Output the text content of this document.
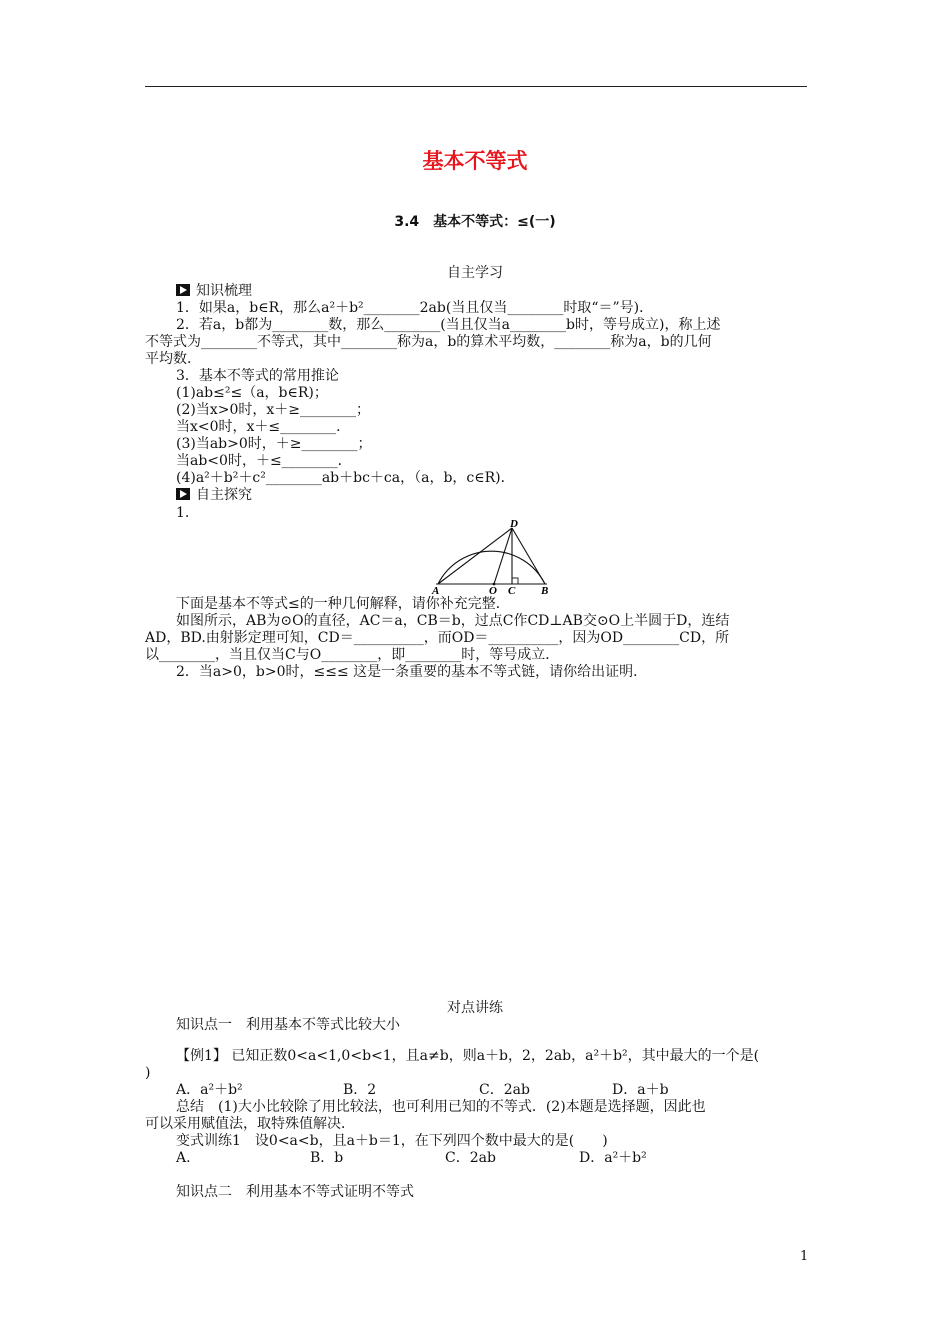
基本不等式
3.4　基本不等式：≤(一)
自主学习
知识梳理
1．如果a，b∈R，那么a²＋b²________2ab(当且仅当________时取“＝”号)．
2．若a，b都为________数，那么________(当且仅当a________b时，等号成立)，称上述
不等式为________不等式，其中________称为a，b的算术平均数，________称为a，b的几何
平均数．
3．基本不等式的常用推论
(1)ab≤²≤（a，b∈R)；
(2)当x>0时，x＋≥________；
当x<0时，x＋≤________．
(3)当ab>0时，＋≥________；
当ab<0时，＋≤________．
(4)a²＋b²＋c²________ab＋bc＋ca，（a，b，c∈R)．
自主探究
1.
A	O C B
D
下面是基本不等式≤的一种几何解释，请你补充完整．
如图所示，AB为⊙O的直径，AC＝a，CB＝b，过点C作CD⊥AB交⊙O上半圆于D，连结
AD，BD.由射影定理可知，CD＝__________，而OD＝__________，因为OD________CD，所
以________，当且仅当C与O________，即________时，等号成立．
2．当a>0，b>0时，≤≤≤ 这是一条重要的基本不等式链，请你给出证明．
对点讲练
知识点一　利用基本不等式比较大小
【例1】 已知正数0<a<1,0<b<1，且a≠b，则a＋b，2，2ab，a²＋b²，其中最大的一个是(
)
A．a²＋b²	B．2	C．2ab	D．a＋b
总结　(1)大小比较除了用比较法，也可利用已知的不等式．(2)本题是选择题，因此也
可以采用赋值法，取特殊值解决．
变式训练1　设0<a<b，且a＋b＝1，在下列四个数中最大的是(　　)
A.	B．b	C．2ab	D．a²＋b²
知识点二　利用基本不等式证明不等式
1
